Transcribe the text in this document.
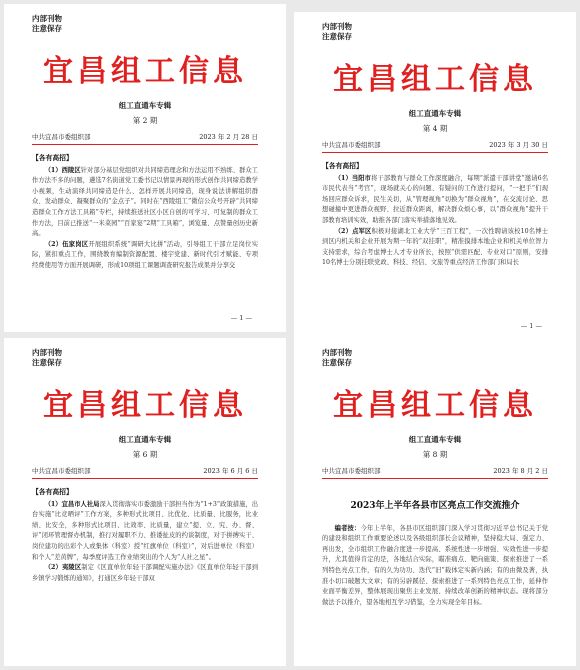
内部刊物
注意保存
宜昌组工信息
组工直通车专辑
第 2 期
中共宜昌市委组织部	2023 年 2 月 28 日
【各有高招】

（1）西陵区针对部分基层党组织对共同缔造理念和方法运用不熟练、群众工作方法不多的问题，遴选7名街道党工委书记以情景再现的形式创作共同缔造教学小视频，生动演绎共同缔造是什么、怎样开展共同缔造，现身说法讲解组织群众、发动群众、凝聚群众的“金点子”。同时在“西陵组工”微信公众号开辟“共同缔造群众工作方法工具箱”专栏，持续推送社区小区自创的可学习、可复制的群众工作方法，目前已推送“一米菜园”“百家宴”2期“工具箱”，浏览量、点赞量创历史新高。

（2）伍家岗区开展组织系统“调研大比拼”活动，引导组工干部立足岗位实际，紧扣重点工作，围绕教育编制资源配置、楼宇党建、新时代引才赋能、专项经费使用等方面开展调研，形成10项组工课题调查研究报告成果并分享交

— 1 —
内部刊物
注意保存
宜昌组工信息
组工直通车专辑
第 4 期
中共宜昌市委组织部	2023 年 3 月 30 日
【各有高招】

（1）当阳市将干部教育与群众工作深度融合，每期“派遣干部讲堂”邀请6名市民代表当“考官”，现场就关心的问题、有疑问的工作进行提问，“一把手”们现场回应群众诉求，民生关切，从“管理视角”切换为“群众视角”，在交流讨论、思想碰撞中更进群众视野、拉近群众距离，解决群众烦心事，以“群众视角”提升干部教育培训实效，助推各部门落实举措落地见效。

（2）点军区积极对接湖北工业大学“三百工程”，一次性聘请该校10名博士到区内机关和企业开展为期一年的“双挂职”，精准摸排本地企业和机关单位智力支持需求，综合考虑博士人才专业所长，按照“供需匹配、专业对口”原则，安排10名博士分别挂联党政、科技、经信、文旅等重点经济工作部门和局长

— 1 —
内部刊物
注意保存
宜昌组工信息
组工直通车专辑
第 6 期
中共宜昌市委组织部	2023 年 6 月 6 日
【各有高招】

（1）宜昌市人社局深入贯彻落实市委激励干部担当作为“1+3”政策措施，出台实施“比竞晒评”工作方案，多种形式比项目、比优化、比质量、比服务，比业绩、比安全，多种形式比项目、比效率、比质量，建立“提、立、究、办、督、评”闭环管理督办机制，推行对履职不力、推诿扯皮的约谈制度，对于拼搏实干、岗位建功的出彩个人或集体（科室）授“红旗单位（科室）”，对后进单位（科室）和个人“差黄牌”，每季度评选工作业绩突出的个人为“人社之星”。

（2）夷陵区制定《区直单位年轻干部调配实施办法》《区直单位年轻干部到乡镇学习锻炼的通知》，打通区乡年轻干部双

内部刊物
注意保存
宜昌组工信息
组工直通车专辑
第 8 期
中共宜昌市委组织部	2023 年 8 月 2 日
2023年上半年各县市区亮点工作交流推介

编者按：今年上半年，各县市区组织部门深入学习贯彻习近平总书记关于党的建设和组织工作重要论述以及各级组织部长会议精神，坚持稳大局、强定力、再出发，全市组织工作融合度进一步提高、系统性进一步增强、实效性进一步提升，尤其值得肯定的是，各地结合实际，瞄准痛点、靶向施策、探索推进了一系列特色亮点工作，有的久为功功、迭代“旧”载体定实新内涵；有的由微及著，执准小切口破题大文章；有的另辟蹊径、探索推进了一系列特色亮点工作，延伸作业面平衡差异，整体展现出聚焦主业发展、持续改革创新的精神状态。现将部分做法予以推介，望各地相互学习借鉴，全力实现全年目标。
